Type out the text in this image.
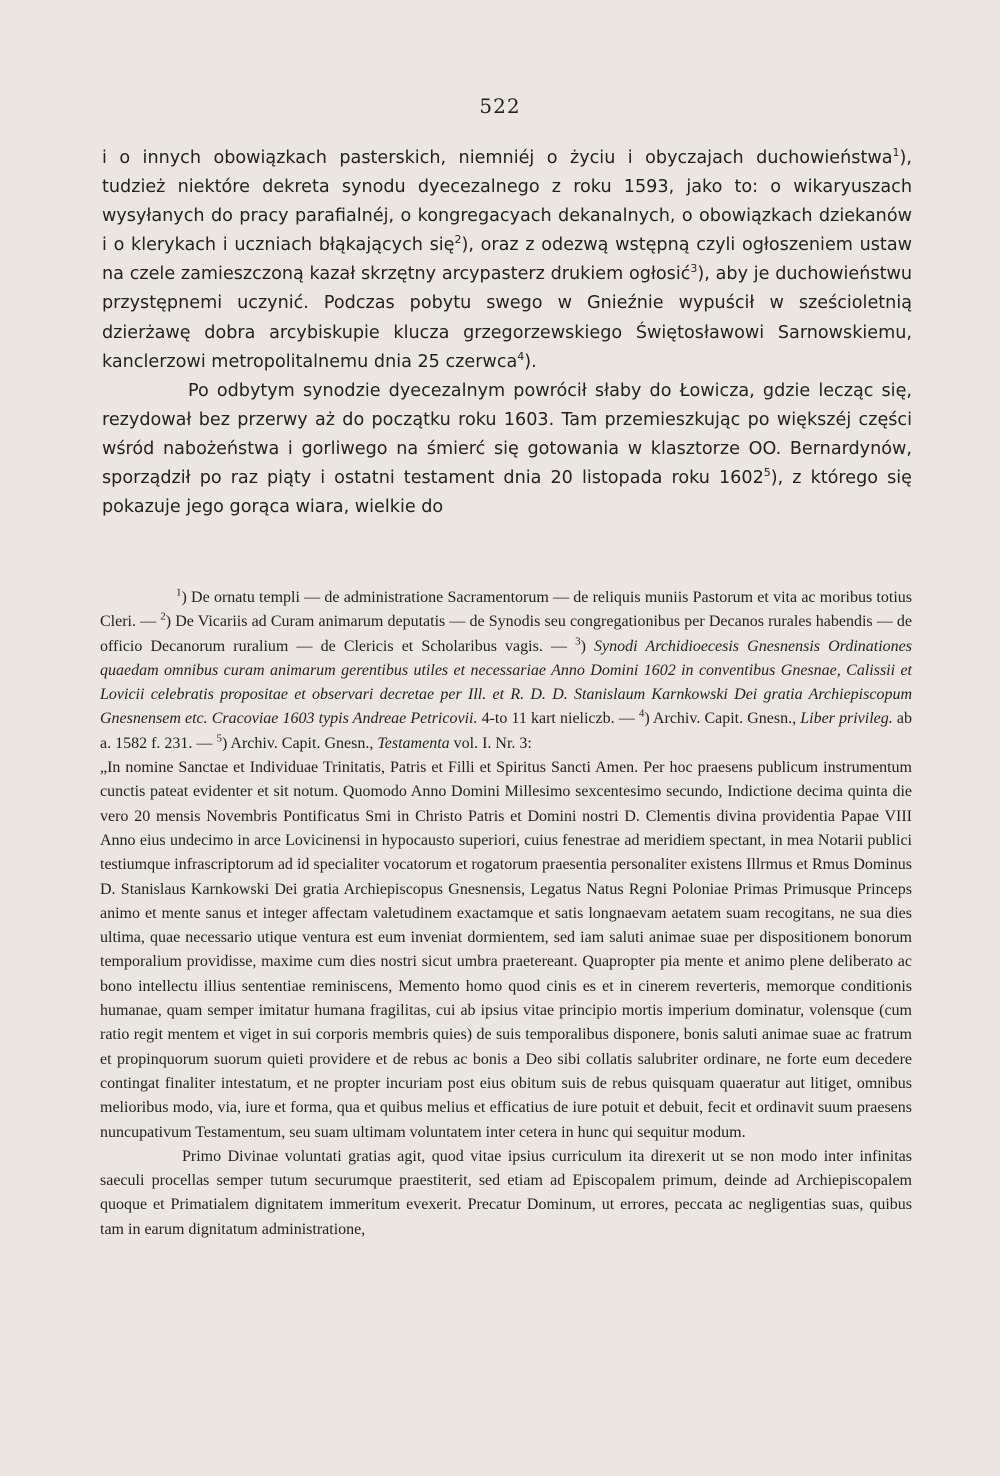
522

i o innych obowiązkach pasterskich, niemniéj o życiu i obyczajach duchowieństwa$^1$), tudzież niektóre dekreta synodu dyecezalnego z roku 1593, jako to: o wikaryuszach wysyłanych do pracy parafialnéj, o kongregacyach dekanalnych, o obowiązkach dziekanów i o klerykach i uczniach błąkających się$^2$), oraz z odezwą wstępną czyli ogłoszeniem ustaw na czele zamieszczoną kazał skrzętny arcypasterz drukiem ogłosić$^3$), aby je duchowieństwu przystępnemi uczynić. Podczas pobytu swego w Gnieźnie wypuścił w sześcioletnią dzierżawę dobra arcybiskupie klucza grzegorzewskiego Świętosławowi Sarnowskiemu, kanclerzowi metropolitalnemu dnia 25 czerwca$^4$).

Po odbytym synodzie dyecezalnym powrócił słaby do Łowicza, gdzie lecząc się, rezydował bez przerwy aż do początku roku 1603. Tam przemieszkując po większéj części wśród nabożeństwa i gorliwego na śmierć się gotowania w klasztorze OO. Bernardynów, sporządził po raz piąty i ostatni testament dnia 20 listopada roku 1602$^5$), z którego się pokazuje jego gorąca wiara, wielkie do

$^1$) De ornatu templi — de administratione Sacramentorum — de reliquis muniis Pastorum et vita ac moribus totius Cleri. — $^2$) De Vicariis ad Curam animarum deputatis — de Synodis seu congregationibus per Decanos rurales habendis — de officio Decanorum ruralium — de Clericis et Scholaribus vagis. — $^3$) Synodi Archidioecesis Gnesnensis Ordinationes quaedam omnibus curam animarum gerentibus utiles et necessariae Anno Domini 1602 in conventibus Gnesnae, Calissii et Lovicii celebratis propositae et observari decretae per Ill. et R. D. D. Stanislaum Karnkowski Dei gratia Archiepiscopum Gnesnensem etc. Cracoviae 1603 typis Andreae Petricovii. 4-to 11 kart nieliczb. — $^4$) Archiv. Capit. Gnesn., Liber privileg. ab a. 1582 f. 231. — $^5$) Archiv. Capit. Gnesn., Testamenta vol. I. Nr. 3:

„In nomine Sanctae et Individuae Trinitatis, Patris et Filli et Spiritus Sancti Amen. Per hoc praesens publicum instrumentum cunctis pateat evidenter et sit notum. Quomodo Anno Domini Millesimo sexcentesimo secundo, Indictione decima quinta die vero 20 mensis Novembris Pontificatus Smi in Christo Patris et Domini nostri D. Clementis divina providentia Papae VIII Anno eius undecimo in arce Lovicinensi in hypocausto superiori, cuius fenestrae ad meridiem spectant, in mea Notarii publici testiumque infrascriptorum ad id specialiter vocatorum et rogatorum praesentia personaliter existens Illrmus et Rmus Dominus D. Stanislaus Karnkowski Dei gratia Archiepiscopus Gnesnensis, Legatus Natus Regni Poloniae Primas Primusque Princeps animo et mente sanus et integer affectam valetudinem exactamque et satis longnaevam aetatem suam recogitans, ne sua dies ultima, quae necessario utique ventura est eum inveniat dormientem, sed iam saluti animae suae per dispositionem bonorum temporalium providisse, maxime cum dies nostri sicut umbra praetereant. Quapropter pia mente et animo plene deliberato ac bono intellectu illius sententiae reminiscens, Memento homo quod cinis es et in cinerem reverteris, memorque conditionis humanae, quam semper imitatur humana fragilitas, cui ab ipsius vitae principio mortis imperium dominatur, volensque (cum ratio regit mentem et viget in sui corporis membris quies) de suis temporalibus disponere, bonis saluti animae suae ac fratrum et propinquorum suorum quieti providere et de rebus ac bonis a Deo sibi collatis salubriter ordinare, ne forte eum decedere contingat finaliter intestatum, et ne propter incuriam post eius obitum suis de rebus quisquam quaeratur aut litiget, omnibus melioribus modo, via, iure et forma, qua et quibus melius et efficatius de iure potuit et debuit, fecit et ordinavit suum praesens nuncupativum Testamentum, seu suam ultimam voluntatem inter cetera in hunc qui sequitur modum.

Primo Divinae voluntati gratias agit, quod vitae ipsius curriculum ita direxerit ut se non modo inter infinitas saeculi procellas semper tutum securumque praestiterit, sed etiam ad Episcopalem primum, deinde ad Archiepiscopalem quoque et Primatialem dignitatem immeritum evexerit. Precatur Dominum, ut errores, peccata ac negligentias suas, quibus tam in earum dignitatum administratione,
